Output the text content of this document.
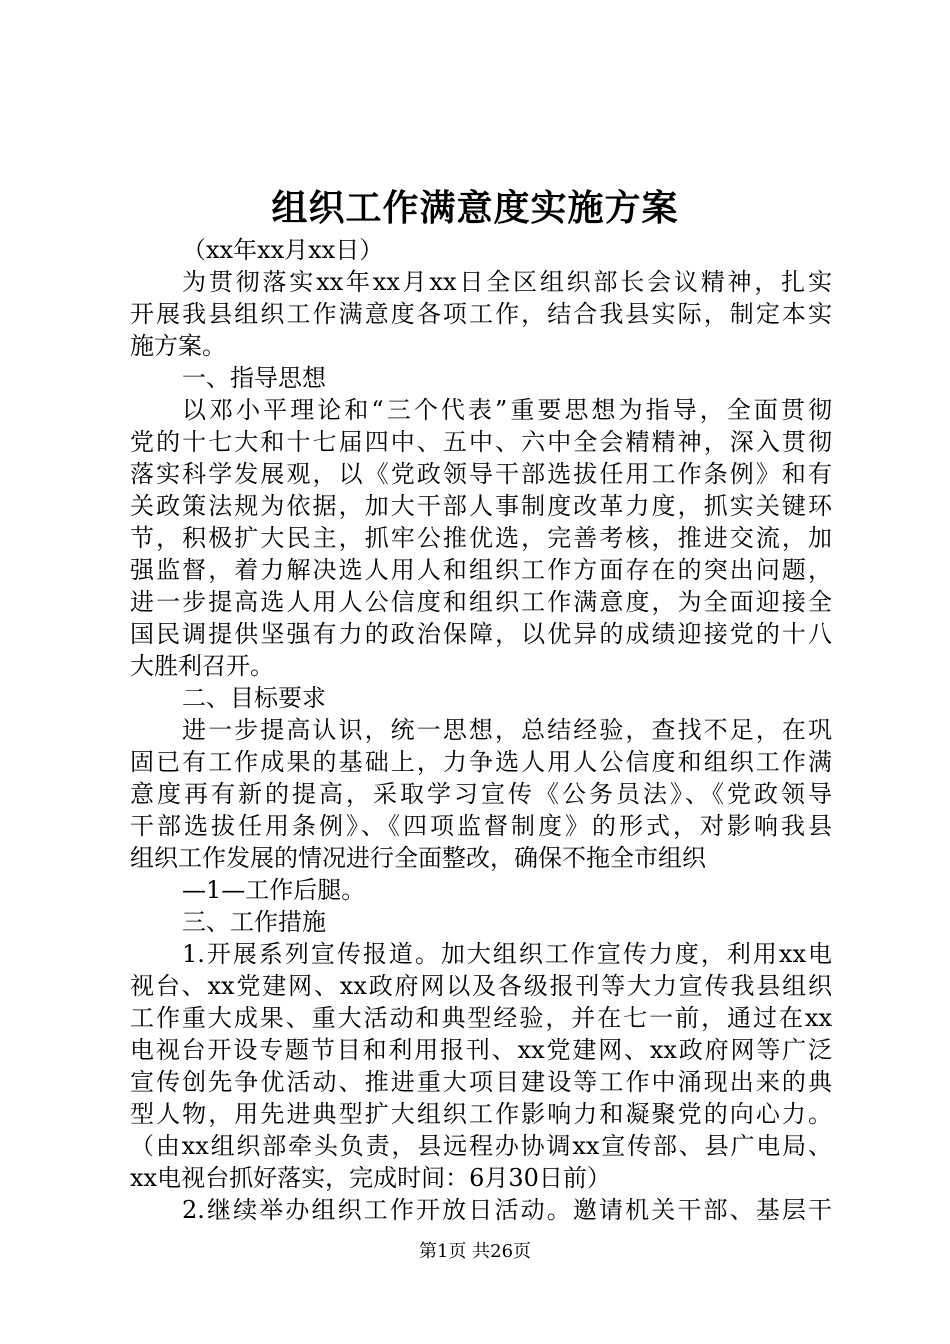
组织工作满意度实施方案

（xx年xx月xx日）

为贯彻落实xx年xx月xx日全区组织部长会议精神，扎实

开展我县组织工作满意度各项工作，结合我县实际，制定本实

施方案。

一、指导思想

以邓小平理论和“三个代表”重要思想为指导，全面贯彻

党的十七大和十七届四中、五中、六中全会精精神，深入贯彻

落实科学发展观，以《党政领导干部选拔任用工作条例》和有

关政策法规为依据，加大干部人事制度改革力度，抓实关键环

节，积极扩大民主，抓牢公推优选，完善考核，推进交流，加

强监督，着力解决选人用人和组织工作方面存在的突出问题，

进一步提高选人用人公信度和组织工作满意度，为全面迎接全

国民调提供坚强有力的政治保障，以优异的成绩迎接党的十八

大胜利召开。

二、目标要求

进一步提高认识，统一思想，总结经验，查找不足，在巩

固已有工作成果的基础上，力争选人用人公信度和组织工作满

意度再有新的提高，采取学习宣传《公务员法》、《党政领导

干部选拔任用条例》、《四项监督制度》的形式，对影响我县

组织工作发展的情况进行全面整改，确保不拖全市组织

—1—工作后腿。

三、工作措施

1.开展系列宣传报道。加大组织工作宣传力度，利用xx电

视台、xx党建网、xx政府网以及各级报刊等大力宣传我县组织

工作重大成果、重大活动和典型经验，并在七一前，通过在xx

电视台开设专题节目和利用报刊、xx党建网、xx政府网等广泛

宣传创先争优活动、推进重大项目建设等工作中涌现出来的典

型人物，用先进典型扩大组织工作影响力和凝聚党的向心力。

（由xx组织部牵头负责，县远程办协调xx宣传部、县广电局、

xx电视台抓好落实，完成时间：6月30日前）

2.继续举办组织工作开放日活动。邀请机关干部、基层干

第1页 共26页
